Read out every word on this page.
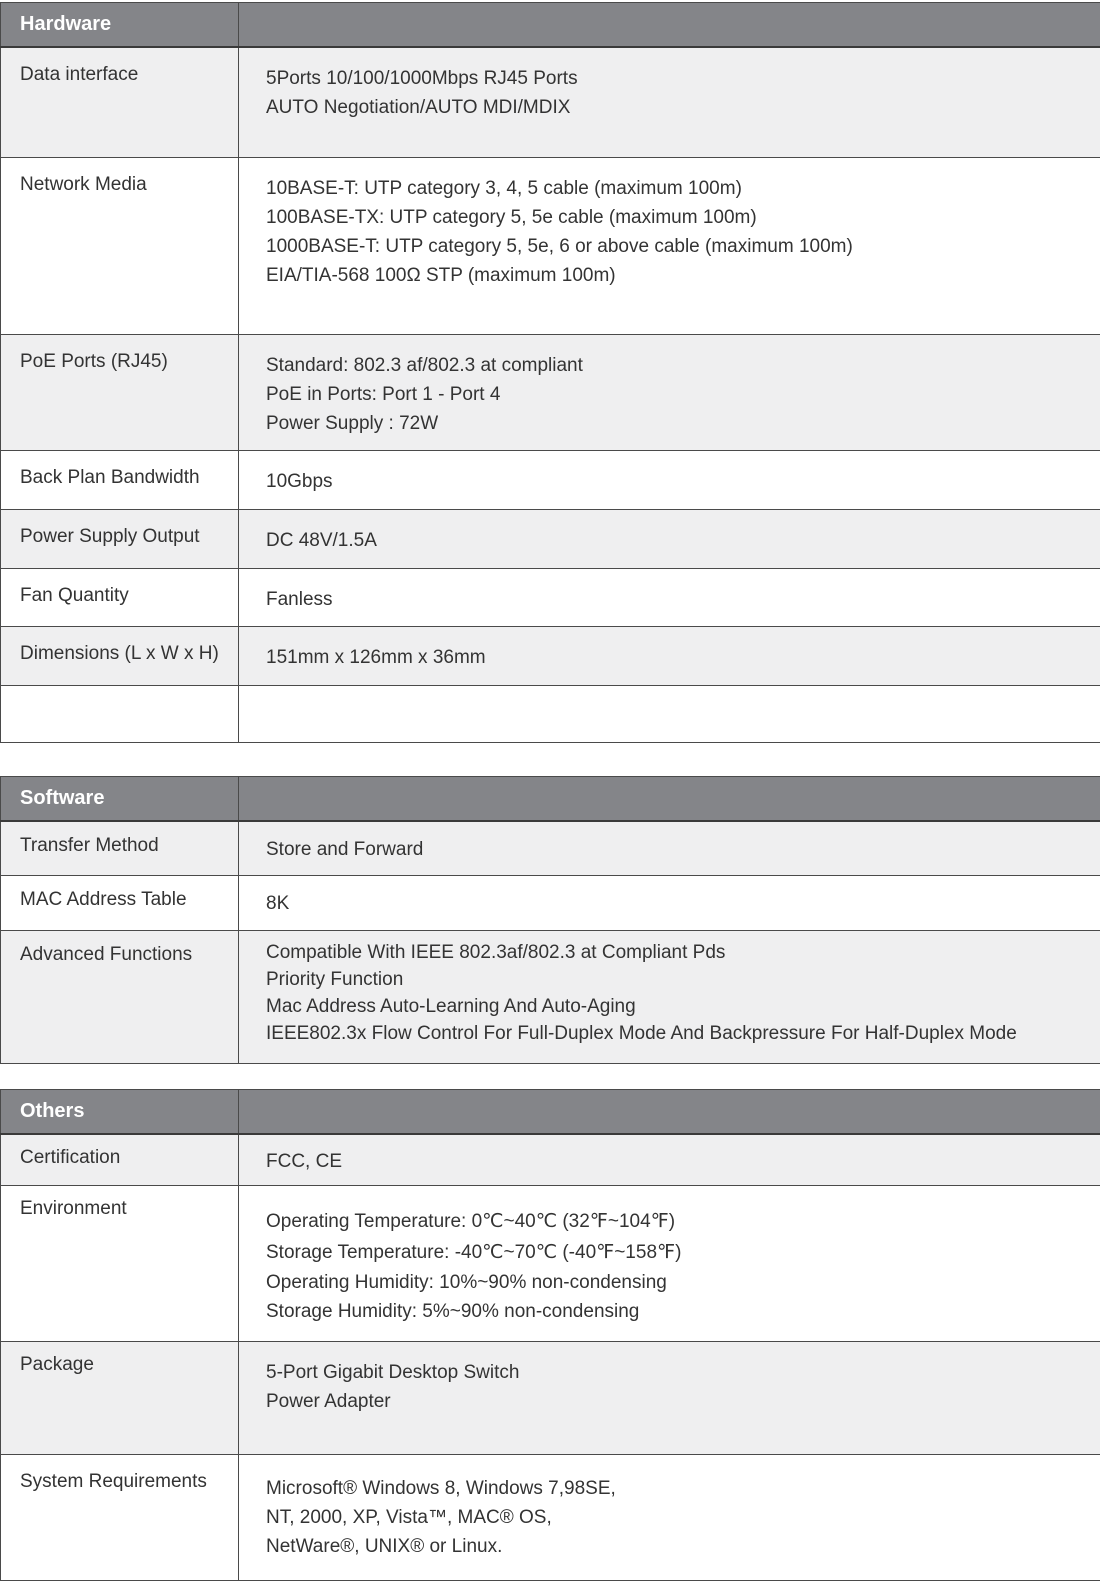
Hardware	
Data interface	5Ports 10/100/1000Mbps RJ45 Ports
AUTO Negotiation/AUTO MDI/MDIX

Network Media	10BASE-T: UTP category 3, 4, 5 cable (maximum 100m)
100BASE-TX: UTP category 5, 5e cable (maximum 100m)
1000BASE-T: UTP category 5, 5e, 6 or above cable (maximum 100m)
EIA/TIA-568 100Ω STP (maximum 100m)

PoE Ports (RJ45)	Standard: 802.3 af/802.3 at compliant
PoE in Ports: Port 1 - Port 4
Power Supply : 72W

Back Plan Bandwidth	10Gbps

Power Supply Output	DC 48V/1.5A

Fan Quantity	Fanless

Dimensions (L x W x H)	151mm x 126mm x 36mm

Software	
Transfer Method	Store and Forward

MAC Address Table	8K

Advanced Functions	Compatible With IEEE 802.3af/802.3 at Compliant Pds
Priority Function
Mac Address Auto-Learning And Auto-Aging
IEEE802.3x Flow Control For Full-Duplex Mode And Backpressure For Half-Duplex Mode
Others	
Certification	FCC, CE

Environment	Operating Temperature: 0℃~40℃ (32℉~104℉)
Storage Temperature: -40℃~70℃ (-40℉~158℉)
Operating Humidity: 10%~90% non-condensing
Storage Humidity: 5%~90% non-condensing

Package	5-Port Gigabit Desktop Switch
Power Adapter

System Requirements	Microsoft® Windows 8, Windows 7,98SE,
NT, 2000, XP, Vista™, MAC® OS,
NetWare®, UNIX® or Linux.
